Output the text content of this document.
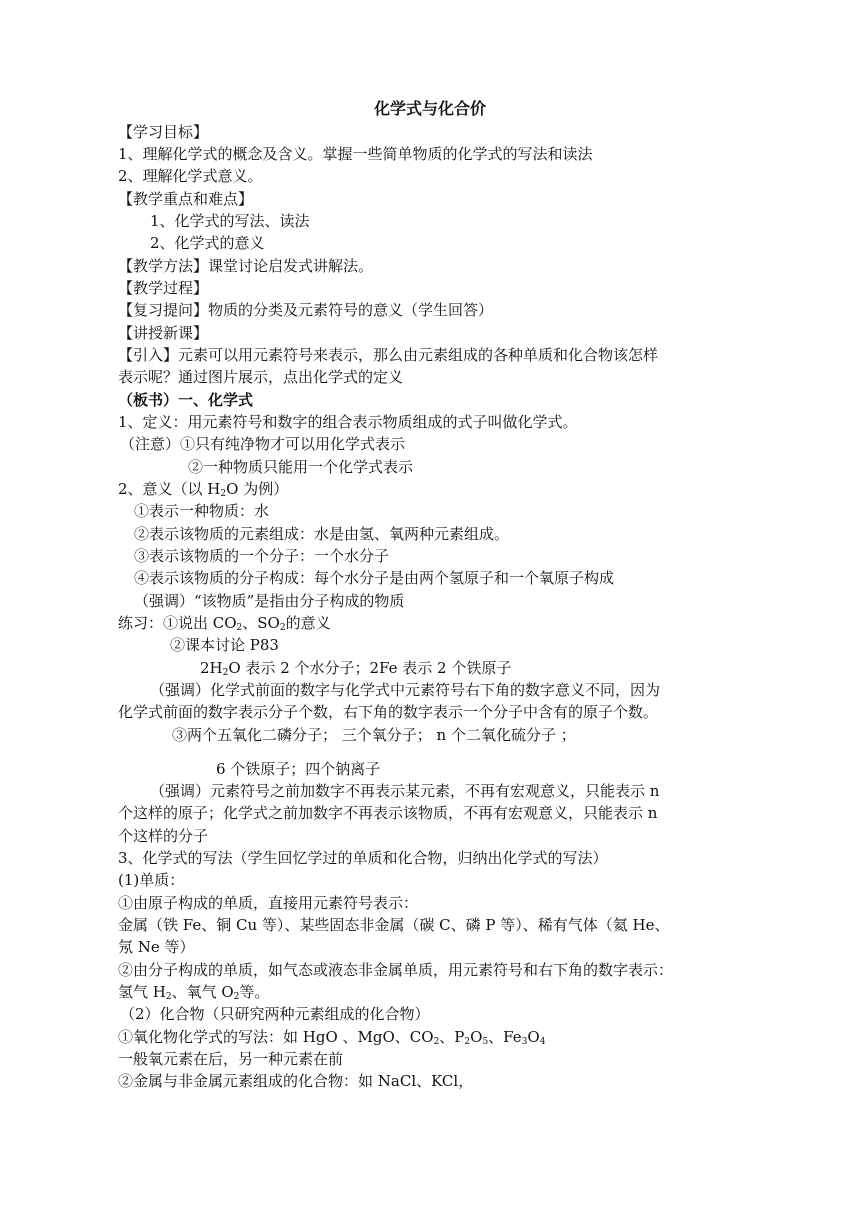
化学式与化合价
【学习目标】
1、理解化学式的概念及含义。掌握一些简单物质的化学式的写法和读法
2、理解化学式意义。
【教学重点和难点】
1、化学式的写法、读法
2、化学式的意义
【教学方法】课堂讨论启发式讲解法。
【教学过程】
【复习提问】物质的分类及元素符号的意义（学生回答）
【讲授新课】
【引入】元素可以用元素符号来表示，那么由元素组成的各种单质和化合物该怎样
表示呢？通过图片展示，点出化学式的定义
（板书）一、化学式
1、定义：用元素符号和数字的组合表示物质组成的式子叫做化学式。
（注意）①只有纯净物才可以用化学式表示
②一种物质只能用一个化学式表示
2、意义（以 $H_2O$ 为例）
①表示一种物质：水
②表示该物质的元素组成：水是由氢、氧两种元素组成。
③表示该物质的一个分子：一个水分子
④表示该物质的分子构成：每个水分子是由两个氢原子和一个氧原子构成
（强调）“该物质”是指由分子构成的物质
练习：①说出 $CO_2$、$SO_2$的意义
②课本讨论 P83
$2H_2O$ 表示 2 个水分子；2Fe 表示 2 个铁原子
（强调）化学式前面的数字与化学式中元素符号右下角的数字意义不同，因为
化学式前面的数字表示分子个数，右下角的数字表示一个分子中含有的原子个数。
③两个五氧化二磷分子； 三个氧分子； n 个二氧化硫分子 ；
6 个铁原子；四个钠离子
（强调）元素符号之前加数字不再表示某元素，不再有宏观意义，只能表示 n
个这样的原子；化学式之前加数字不再表示该物质，不再有宏观意义，只能表示 n
个这样的分子
3、化学式的写法（学生回忆学过的单质和化合物，归纳出化学式的写法）
(1)单质：
①由原子构成的单质，直接用元素符号表示：
金属（铁 Fe、铜 Cu 等）、某些固态非金属（碳 C、磷 P 等）、稀有气体（氦 He、
氖 Ne 等）
②由分子构成的单质，如气态或液态非金属单质，用元素符号和右下角的数字表示：
氢气 $H_2$、氧气 $O_2$等。
（2）化合物（只研究两种元素组成的化合物）
①氧化物化学式的写法：如 HgO 、MgO、$CO_2$、$P_2O_5$、$Fe_3O_4$
一般氧元素在后，另一种元素在前
②金属与非金属元素组成的化合物：如 NaCl、KCl，
